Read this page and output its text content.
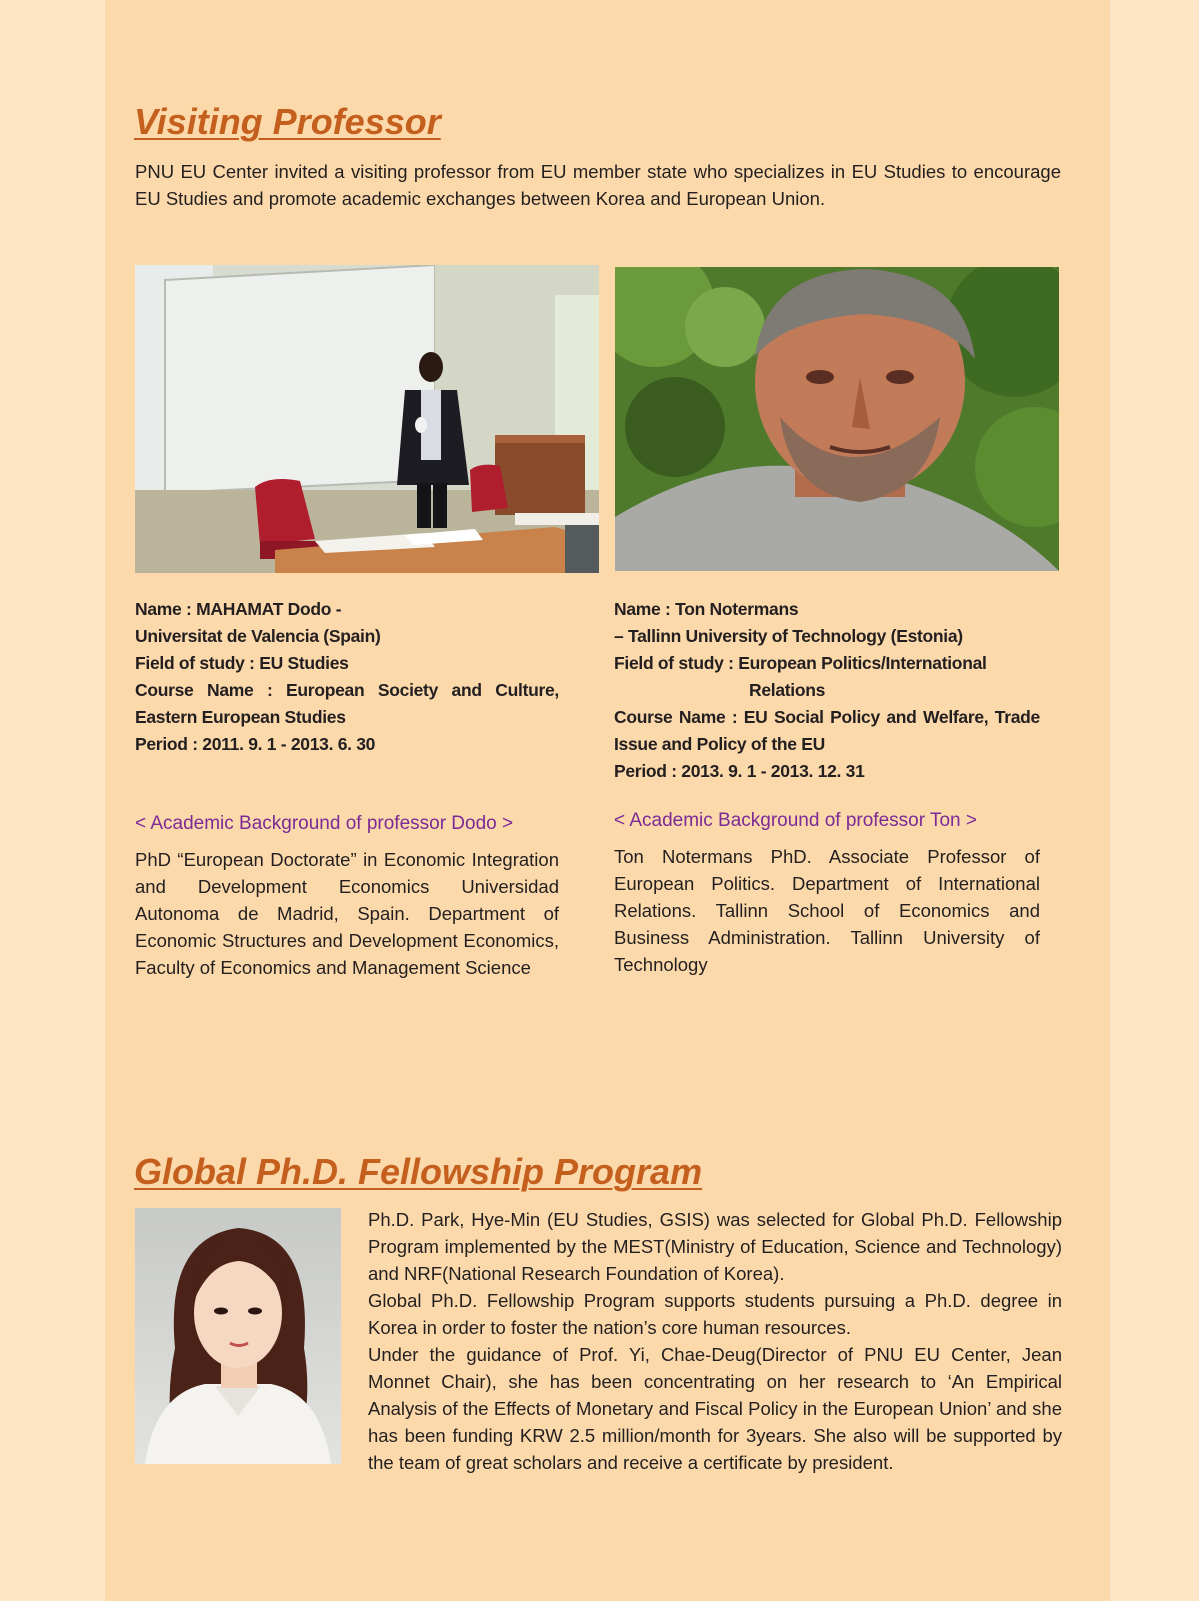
Visiting Professor

PNU EU Center invited a visiting professor from EU member state who specializes in EU Studies to encourage EU Studies and promote academic exchanges between Korea and European Union.

Name : MAHAMAT Dodo -
Universitat de Valencia (Spain)
Field of study : EU Studies
Course Name : European Society and Culture, Eastern European Studies
Period : 2011. 9. 1 - 2013. 6. 30
Name : Ton Notermans
– Tallinn University of Technology (Estonia)
Field of study : European Politics/International
Relations
Course Name : EU Social Policy and Welfare, Trade Issue and Policy of the EU
Period : 2013. 9. 1 - 2013. 12. 31

< Academic Background of professor Dodo >

PhD “European Doctorate” in Economic Integration and Development Economics Universidad Autonoma de Madrid, Spain. Department of Economic Structures and Development Economics, Faculty of Economics and Management Science

< Academic Background of professor Ton >

Ton Notermans PhD. Associate Professor of European Politics. Department of International Relations. Tallinn School of Economics and Business Administration. Tallinn University of Technology

Global Ph.D. Fellowship Program

Ph.D. Park, Hye-Min (EU Studies, GSIS) was selected for Global Ph.D. Fellowship Program implemented by the MEST(Ministry of Education, Science and Technology) and NRF(National Research Foundation of Korea).

Global Ph.D. Fellowship Program supports students pursuing a Ph.D. degree in Korea in order to foster the nation’s core human resources.

Under the guidance of Prof. Yi, Chae-Deug(Director of PNU EU Center, Jean Monnet Chair), she has been concentrating on her research to ‘An Empirical Analysis of the Effects of Monetary and Fiscal Policy in the European Union’ and she has been funding KRW 2.5 million/month for 3years. She also will be supported by the team of great scholars and receive a certificate by president.
